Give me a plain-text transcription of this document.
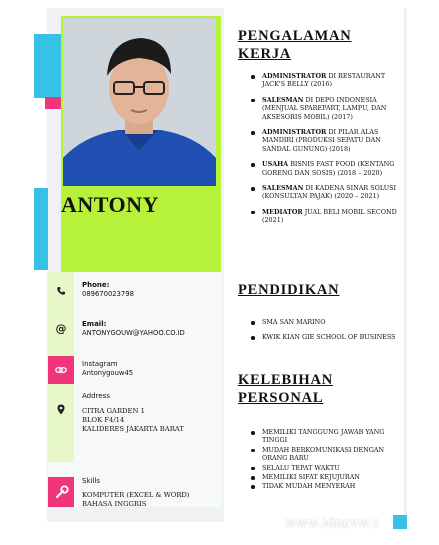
ANTONY
Phone:
089670023798
@ Email:
ANTONYGOUW@YAHOO.CO.ID
Instagram
Antonygouw45
Address
CITRA GARDEN 1
BLOK F4/14
KALIDERES JAKARTA BARAT
Skills
KOMPUTER (EXCEL & WORD)
BAHASA INGGRIS
PENGALAMAN
KERJA
ADMINISTRATOR DI RESTAURANT JACK'S BELLY (2016)
SALESMAN DI DEPO INDONESIA (MENJUAL SPAREPART, LAMPU, DAN AKSESORIS MOBIL) (2017)
ADMINISTRATOR DI PILAR ALAS MANDIRI (PRODUKSI SEPATU DAN SANDAL GUNUNG) (2018)
USAHA BISNIS FAST FOOD (KENTANG GORENG DAN SOSIS) (2018 – 2020)
SALESMAN DI KADENA SINAR SOLUSI (KONSULTAN PAJAK) (2020 – 2021)
MEDIATOR JUAL BELI MOBIL SECOND (2021)
PENDIDIKAN
SMA SAN MARINO
KWIK KIAN GIE SCHOOL OF BUSINESS
KELEBIHAN
PERSONAL
MEMILIKI TANGGUNG JAWAB YANG TINGGI
MUDAH BERKOMUNIKASI DENGAN ORANG BARU
SELALU TEPAT WAKTU
MEMILIKI SIFAT KEJUJURAN
TIDAK MUDAH MENYERAH
www.idncvw.c
